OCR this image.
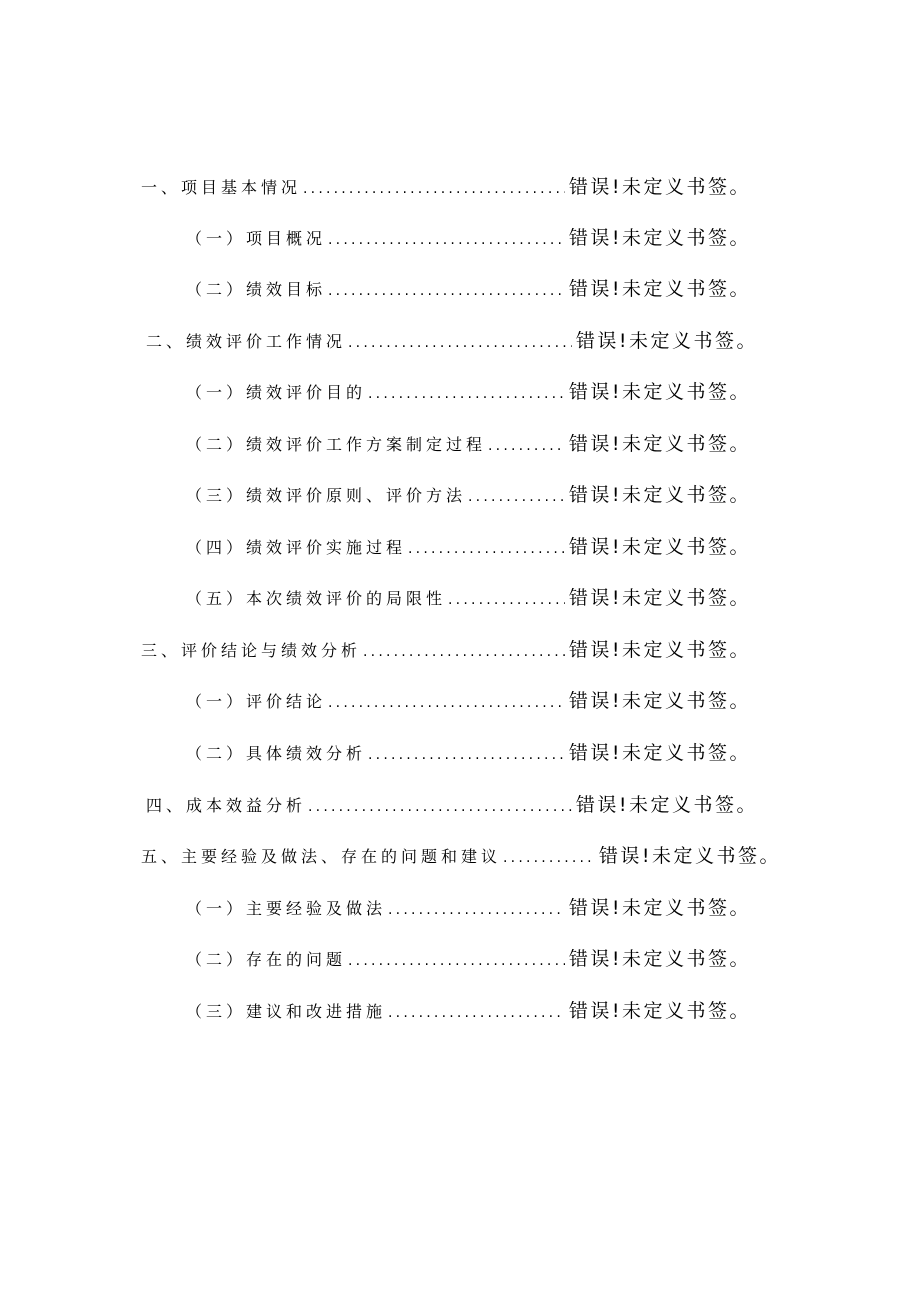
一、项目基本情况 .....	错误!未定义书签。
（一）项目概况 .....	错误!未定义书签。
（二）绩效目标 .....	错误!未定义书签。
二、绩效评价工作情况 .....	错误!未定义书签。
（一）绩效评价目的 .....	错误!未定义书签。
（二）绩效评价工作方案制定过程 .....	错误!未定义书签。
（三）绩效评价原则、评价方法 .....	错误!未定义书签。
（四）绩效评价实施过程 .....	错误!未定义书签。
（五）本次绩效评价的局限性 .....	错误!未定义书签。
三、评价结论与绩效分析 .....	错误!未定义书签。
（一）评价结论 .....	错误!未定义书签。
（二）具体绩效分析 .....	错误!未定义书签。
四、成本效益分析 .....	错误!未定义书签。
五、主要经验及做法、存在的问题和建议 .....	错误!未定义书签。
（一）主要经验及做法 .....	错误!未定义书签。
（二）存在的问题 .....	错误!未定义书签。
（三）建议和改进措施 .....	错误!未定义书签。
